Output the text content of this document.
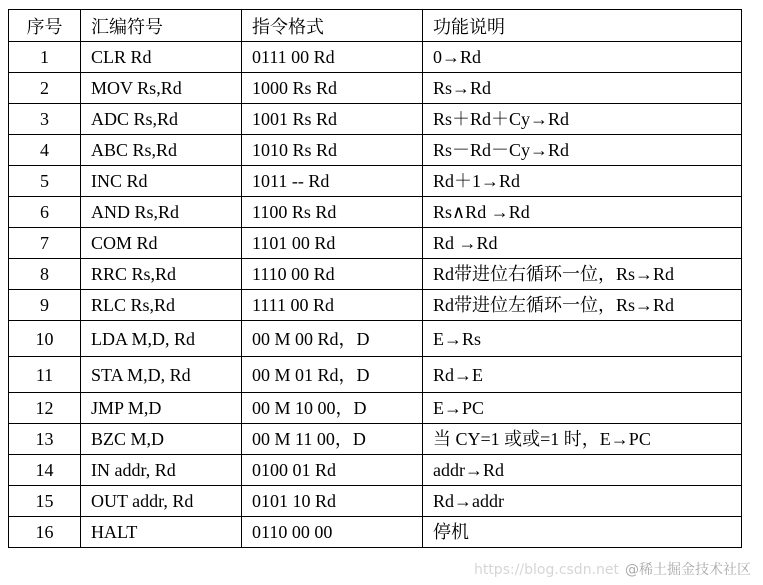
序号	汇编符号	指令格式	功能说明
1	CLR Rd	0111 00 Rd	0→Rd
2	MOV Rs,Rd	1000 Rs Rd	Rs→Rd
3	ADC Rs,Rd	1001 Rs Rd	Rs＋Rd＋Cy→Rd
4	ABC Rs,Rd	1010 Rs Rd	Rs－Rd－Cy→Rd
5	INC Rd	1011 -- Rd	Rd＋1→Rd
6	AND Rs,Rd	1100 Rs Rd	Rs∧Rd →Rd
7	COM Rd	1101 00 Rd	Rd →Rd
8	RRC Rs,Rd	1110 00 Rd	Rd带进位右循环一位，Rs→Rd
9	RLC Rs,Rd	1111 00 Rd	Rd带进位左循环一位，Rs→Rd
10	LDA M,D, Rd	00 M 00 Rd，D	E→Rs
11	STA M,D, Rd	00 M 01 Rd，D	Rd→E
12	JMP M,D	00 M 10 00，D	E→PC
13	BZC M,D	00 M 11 00，D	当 CY=1 或或=1 时，E→PC
14	IN addr, Rd	0100 01 Rd	addr→Rd
15	OUT addr, Rd	0101 10 Rd	Rd→addr
16	HALT	0110 00 00	停机
https://blog.csdn.net @稀土掘金技术社区
